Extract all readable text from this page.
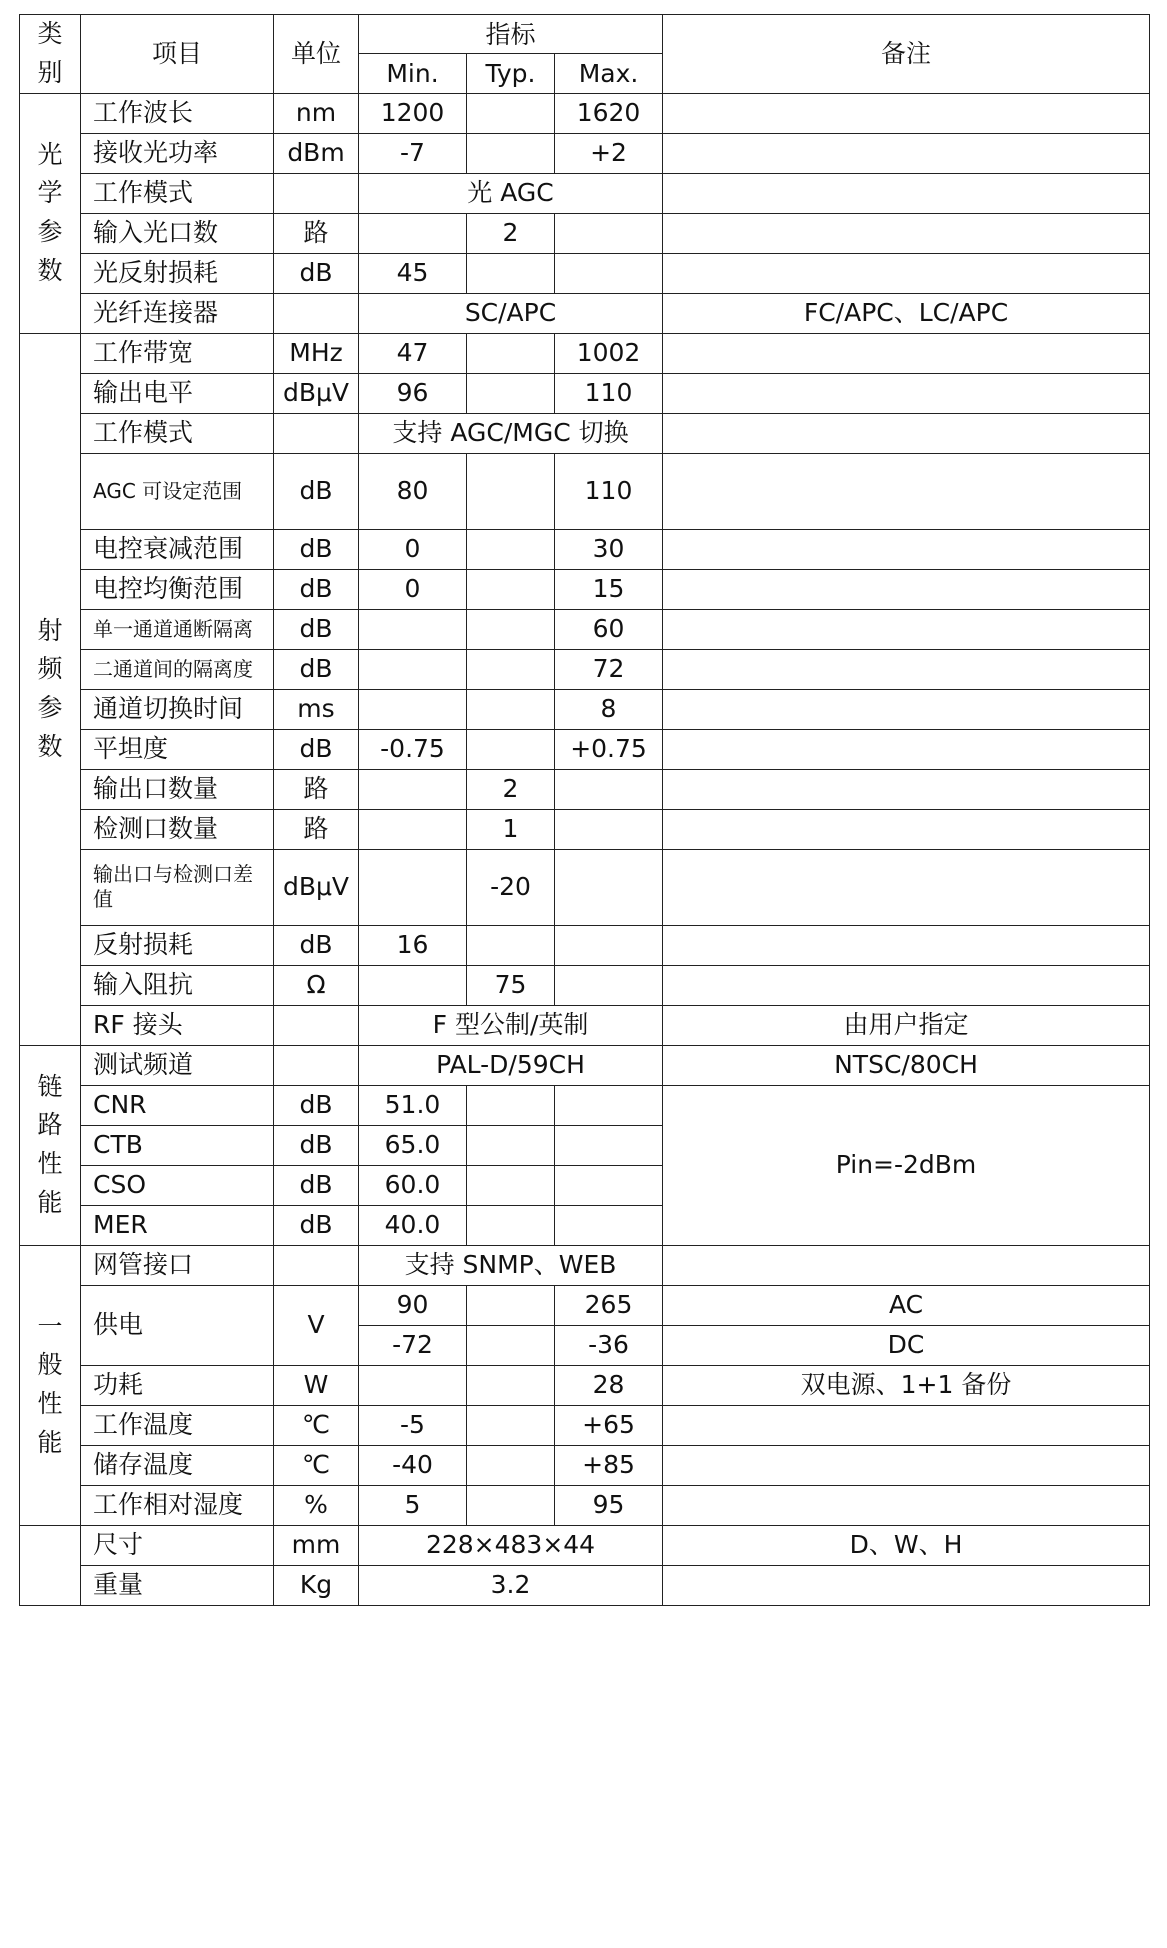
类别	项目	单位	指标			备注
			Min.	Typ.	Max.	
光学参数	工作波长	nm	1200		1620	
	接收光功率	dBm	-7		+2	
	工作模式		光 AGC			
	输入光口数	路		2		
	光反射损耗	dB	45			
	光纤连接器		SC/APC			FC/APC、LC/APC
射频参数	工作带宽	MHz	47		1002	
	输出电平	dBμV	96		110	
	工作模式		支持 AGC/MGC 切换			
	AGC 可设定范围	dB	80		110	
	电控衰减范围	dB	0		30	
	电控均衡范围	dB	0		15	
	单一通道通断隔离	dB			60	
	二通道间的隔离度	dB			72	
	通道切换时间	ms			8	
	平坦度	dB	-0.75		+0.75	
	输出口数量	路		2		
	检测口数量	路		1		
	输出口与检测口差值	dBμV		-20		
	反射损耗	dB	16			
	输入阻抗	Ω		75		
	RF 接头		F 型公制/英制			由用户指定
链路性能	测试频道		PAL-D/59CH			NTSC/80CH
	CNR	dB	51.0			Pin=-2dBm
	CTB	dB	65.0			
	CSO	dB	60.0			
	MER	dB	40.0			
一般性能	网管接口		支持 SNMP、WEB			
	供电	V	90		265	AC
			-72		-36	DC
	功耗	W			28	双电源、1+1 备份
	工作温度	℃	-5		+65	
	储存温度	℃	-40		+85	
	工作相对湿度	%	5		95	
	尺寸	mm	228×483×44			D、W、H
	重量	Kg	3.2			
